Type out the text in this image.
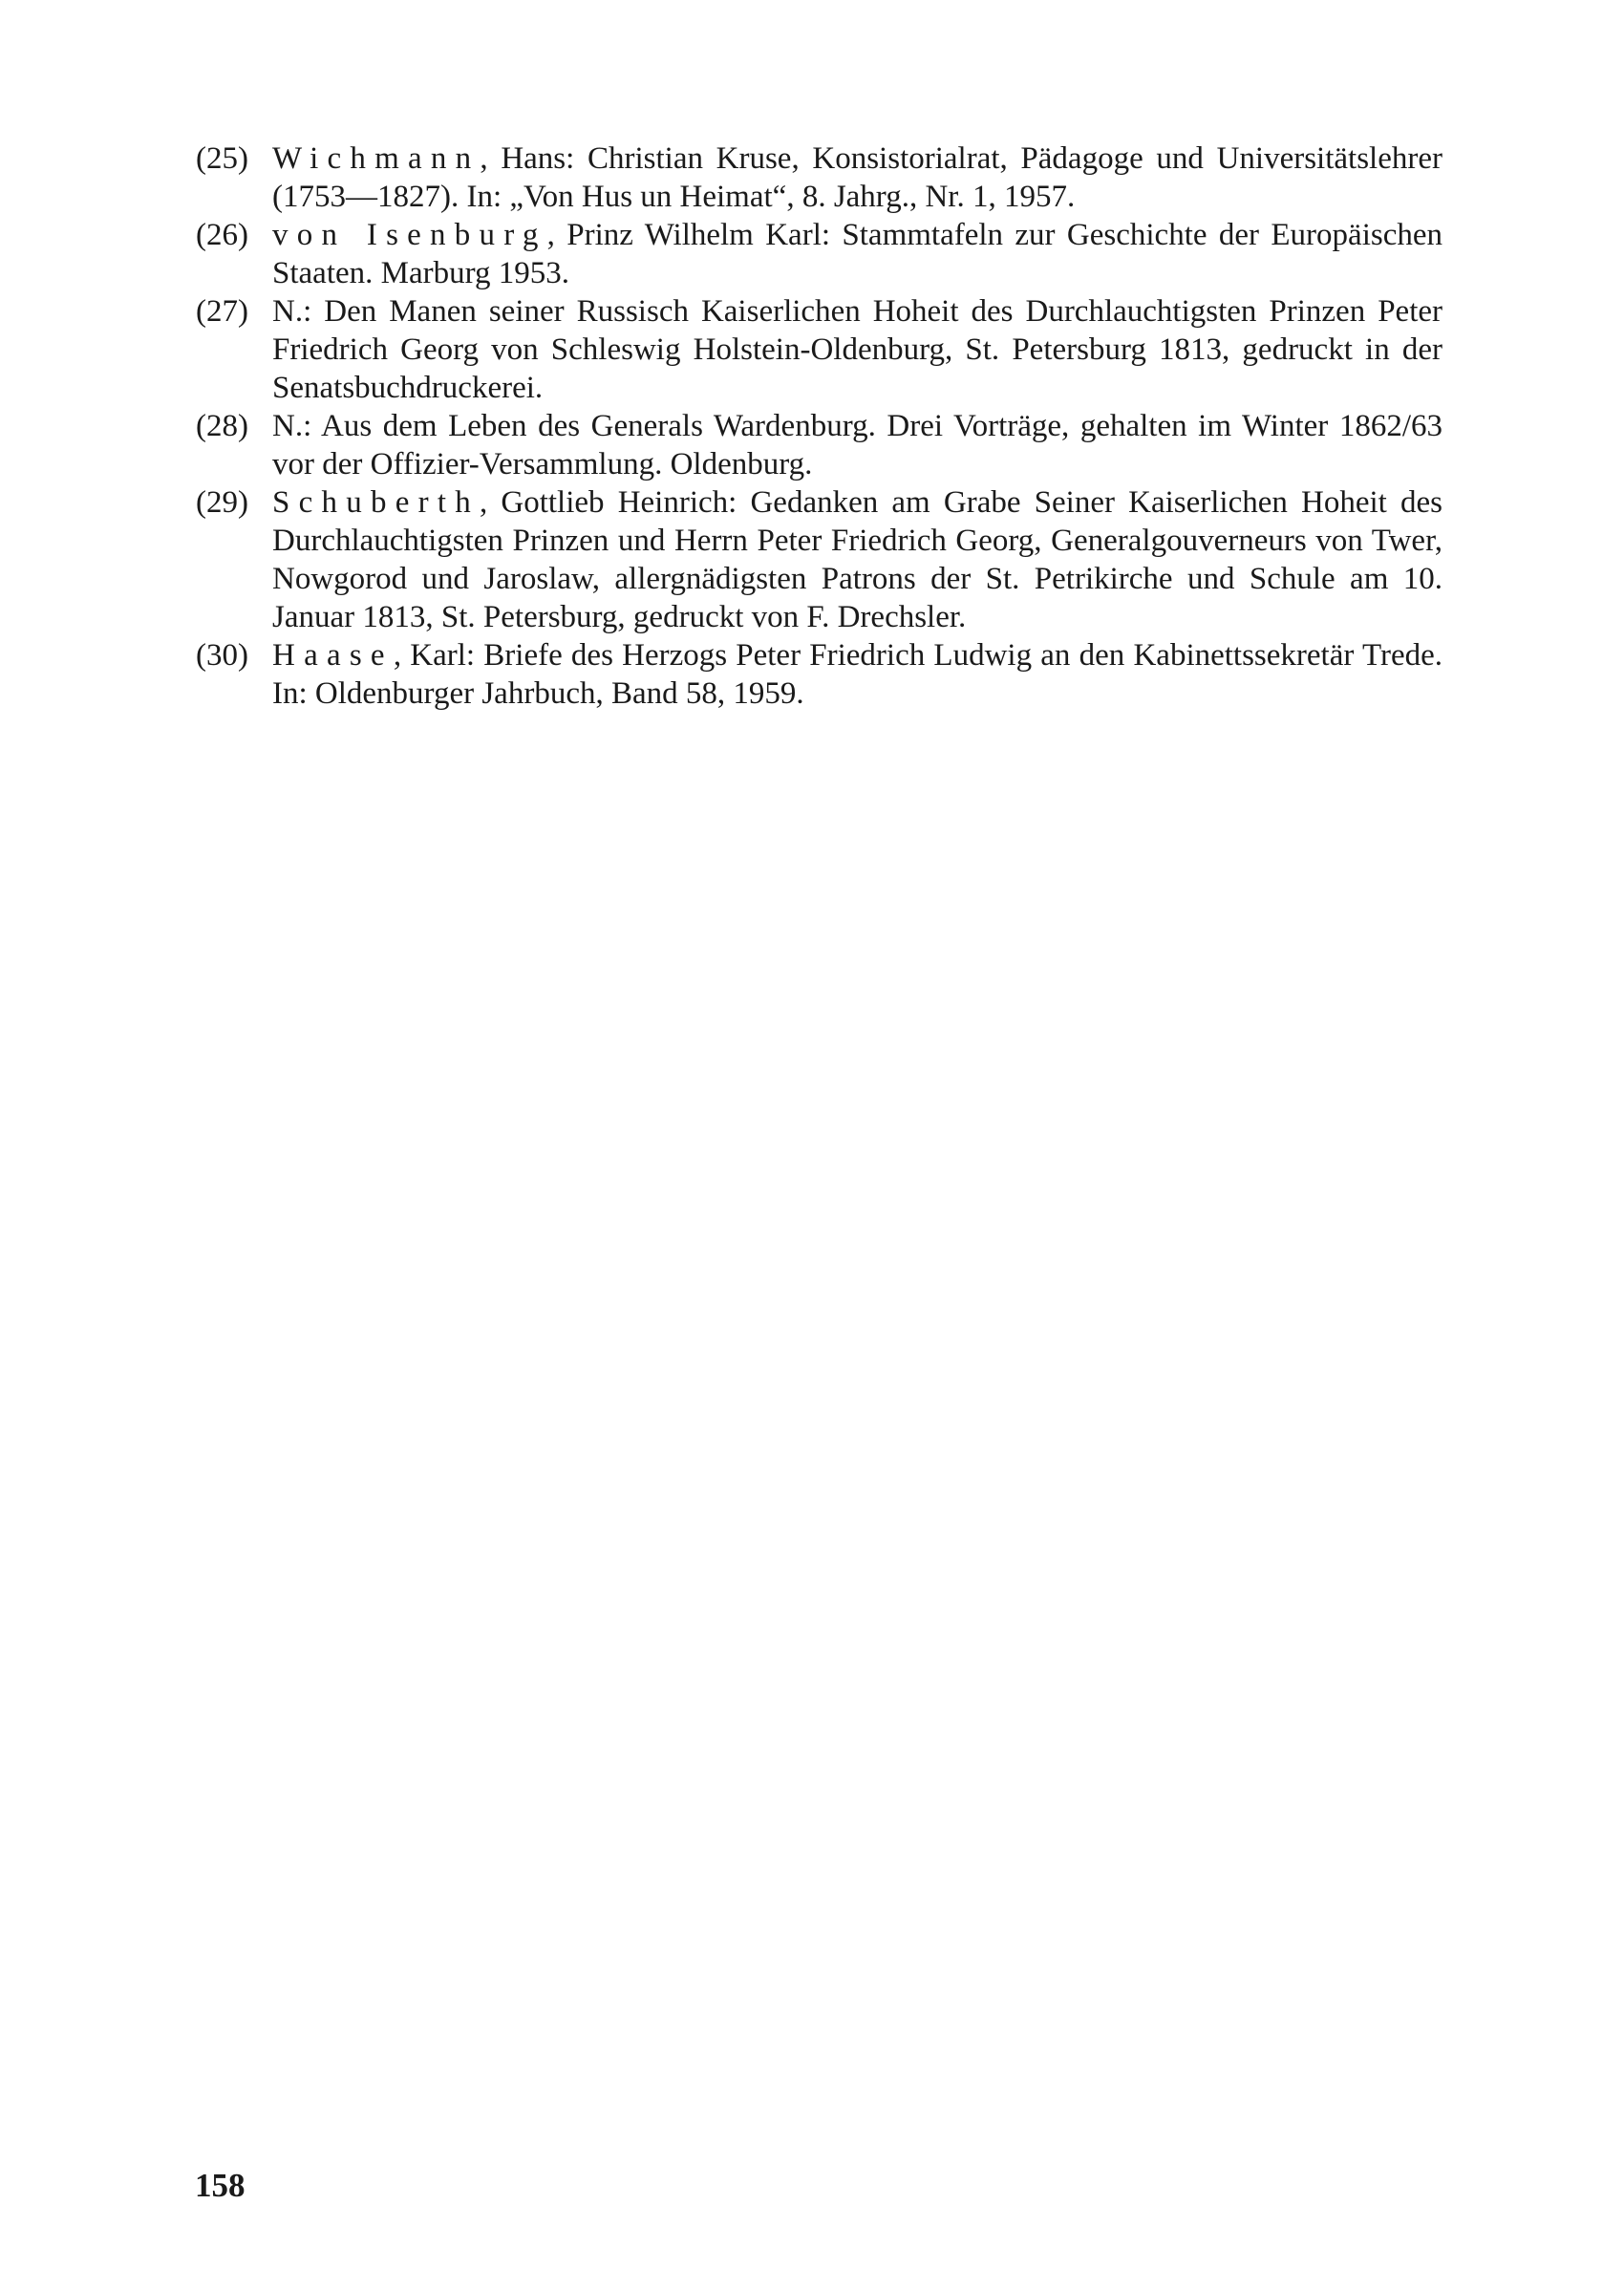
(25) Wichmann, Hans: Christian Kruse, Konsistorialrat, Pädagoge und Universitätslehrer (1753—1827). In: „Von Hus un Heimat“, 8. Jahrg., Nr. 1, 1957.
(26) von Isenburg, Prinz Wilhelm Karl: Stammtafeln zur Geschichte der Europäischen Staaten. Marburg 1953.
(27) N.: Den Manen seiner Russisch Kaiserlichen Hoheit des Durchlauchtigsten Prinzen Peter Friedrich Georg von Schleswig Holstein-Oldenburg, St. Petersburg 1813, gedruckt in der Senatsbuchdruckerei.
(28) N.: Aus dem Leben des Generals Wardenburg. Drei Vorträge, gehalten im Winter 1862/63 vor der Offizier-Versammlung. Oldenburg.
(29) Schuberth, Gottlieb Heinrich: Gedanken am Grabe Seiner Kaiserlichen Hoheit des Durchlauchtigsten Prinzen und Herrn Peter Friedrich Georg, Generalgouverneurs von Twer, Nowgorod und Jaroslaw, allergnädigsten Patrons der St. Petrikirche und Schule am 10. Januar 1813, St. Petersburg, gedruckt von F. Drechsler.
(30) Haase, Karl: Briefe des Herzogs Peter Friedrich Ludwig an den Kabinettssekretär Trede. In: Oldenburger Jahrbuch, Band 58, 1959.
158
